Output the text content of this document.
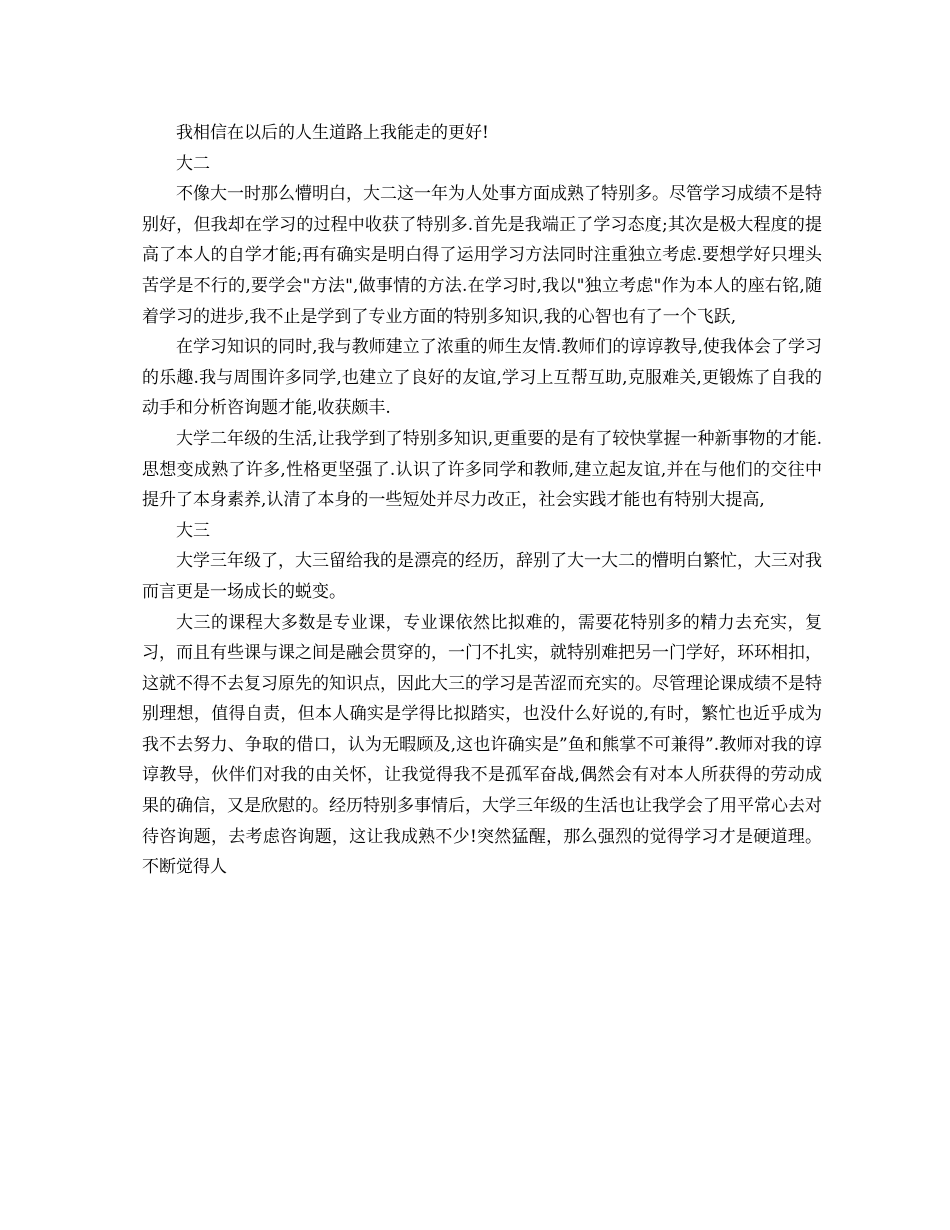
我相信在以后的人生道路上我能走的更好!

大二

不像大一时那么懵明白，大二这一年为人处事方面成熟了特别多。尽管学习成绩不是特别好，但我却在学习的过程中收获了特别多.首先是我端正了学习态度;其次是极大程度的提高了本人的自学才能;再有确实是明白得了运用学习方法同时注重独立考虑.要想学好只埋头苦学是不行的,要学会"方法",做事情的方法.在学习时,我以"独立考虑"作为本人的座右铭,随着学习的进步,我不止是学到了专业方面的特别多知识,我的心智也有了一个飞跃,

在学习知识的同时,我与教师建立了浓重的师生友情.教师们的谆谆教导,使我体会了学习的乐趣.我与周围许多同学,也建立了良好的友谊,学习上互帮互助,克服难关,更锻炼了自我的动手和分析咨询题才能,收获颇丰.

大学二年级的生活,让我学到了特别多知识,更重要的是有了较快掌握一种新事物的才能.思想变成熟了许多,性格更坚强了.认识了许多同学和教师,建立起友谊,并在与他们的交往中提升了本身素养,认清了本身的一些短处并尽力改正，社会实践才能也有特别大提高,

大三

大学三年级了，大三留给我的是漂亮的经历，辞别了大一大二的懵明白繁忙，大三对我而言更是一场成长的蜕变。

大三的课程大多数是专业课，专业课依然比拟难的，需要花特别多的精力去充实，复习，而且有些课与课之间是融会贯穿的，一门不扎实，就特别难把另一门学好，环环相扣，这就不得不去复习原先的知识点，因此大三的学习是苦涩而充实的。尽管理论课成绩不是特别理想，值得自责，但本人确实是学得比拟踏实，也没什么好说的,有时，繁忙也近乎成为我不去努力、争取的借口，认为无暇顾及,这也许确实是”鱼和熊掌不可兼得”.教师对我的谆谆教导，伙伴们对我的由关怀，让我觉得我不是孤军奋战,偶然会有对本人所获得的劳动成果的确信，又是欣慰的。经历特别多事情后，大学三年级的生活也让我学会了用平常心去对待咨询题，去考虑咨询题，这让我成熟不少!突然猛醒，那么强烈的觉得学习才是硬道理。不断觉得人
